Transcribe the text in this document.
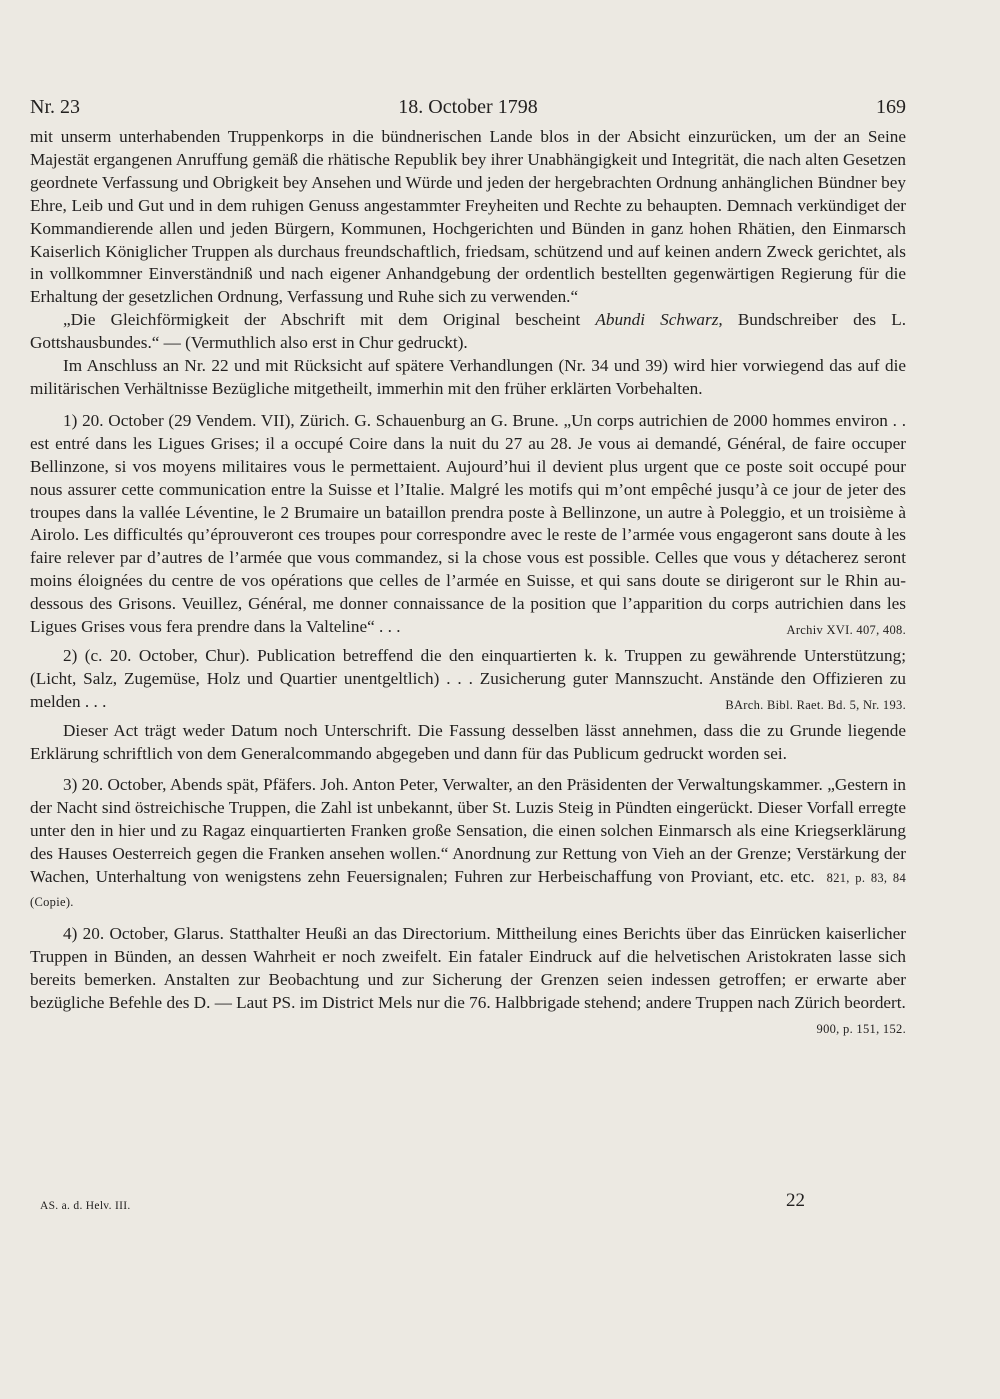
Nr. 23	18. October 1798	169

mit unserm unterhabenden Truppenkorps in die bündnerischen Lande blos in der Absicht einzurücken, um der an Seine Majestät ergangenen Anruffung gemäß die rhätische Republik bey ihrer Unabhängigkeit und Integrität, die nach alten Gesetzen geordnete Verfassung und Obrigkeit bey Ansehen und Würde und jeden der hergebrachten Ordnung anhänglichen Bündner bey Ehre, Leib und Gut und in dem ruhigen Genuss angestammter Freyheiten und Rechte zu behaupten. Demnach verkündiget der Kommandierende allen und jeden Bürgern, Kommunen, Hochgerichten und Bünden in ganz hohen Rhätien, den Einmarsch Kaiserlich Königlicher Truppen als durchaus freundschaftlich, friedsam, schützend und auf keinen andern Zweck gerichtet, als in vollkommner Einverständniß und nach eigener Anhandgebung der ordentlich bestellten gegenwärtigen Regierung für die Erhaltung der gesetzlichen Ordnung, Verfassung und Ruhe sich zu verwenden.“

„Die Gleichförmigkeit der Abschrift mit dem Original bescheint Abundi Schwarz, Bundschreiber des L. Gottshausbundes.“ — (Vermuthlich also erst in Chur gedruckt).

Im Anschluss an Nr. 22 und mit Rücksicht auf spätere Verhandlungen (Nr. 34 und 39) wird hier vorwiegend das auf die militärischen Verhältnisse Bezügliche mitgetheilt, immerhin mit den früher erklärten Vorbehalten.

1) 20. October (29 Vendem. VII), Zürich. G. Schauenburg an G. Brune. „Un corps autrichien de 2000 hommes environ . . est entré dans les Ligues Grises; il a occupé Coire dans la nuit du 27 au 28. Je vous ai demandé, Général, de faire occuper Bellinzone, si vos moyens militaires vous le permettaient. Aujourd’hui il devient plus urgent que ce poste soit occupé pour nous assurer cette communication entre la Suisse et l’Italie. Malgré les motifs qui m’ont empêché jusqu’à ce jour de jeter des troupes dans la vallée Léventine, le 2 Brumaire un bataillon prendra poste à Bellinzone, un autre à Poleggio, et un troisième à Airolo. Les difficultés qu’éprouveront ces troupes pour correspondre avec le reste de l’armée vous engageront sans doute à les faire relever par d’autres de l’armée que vous commandez, si la chose vous est possible. Celles que vous y détacherez seront moins éloignées du centre de vos opérations que celles de l’armée en Suisse, et qui sans doute se dirigeront sur le Rhin au-dessous des Grisons. Veuillez, Général, me donner connaissance de la position que l’apparition du corps autrichien dans les Ligues Grises vous fera prendre dans la Valteline“ . . .	Archiv XVI. 407, 408.

2) (c. 20. October, Chur). Publication betreffend die den einquartierten k. k. Truppen zu gewährende Unterstützung; (Licht, Salz, Zugemüse, Holz und Quartier unentgeltlich) . . . Zusicherung guter Mannszucht. Anstände den Offizieren zu melden . . .	BArch. Bibl. Raet. Bd. 5, Nr. 193.

Dieser Act trägt weder Datum noch Unterschrift. Die Fassung desselben lässt annehmen, dass die zu Grunde liegende Erklärung schriftlich von dem Generalcommando abgegeben und dann für das Publicum gedruckt worden sei.

3) 20. October, Abends spät, Pfäfers. Joh. Anton Peter, Verwalter, an den Präsidenten der Verwaltungskammer. „Gestern in der Nacht sind östreichische Truppen, die Zahl ist unbekannt, über St. Luzis Steig in Pündten eingerückt. Dieser Vorfall erregte unter den in hier und zu Ragaz einquartierten Franken große Sensation, die einen solchen Einmarsch als eine Kriegserklärung des Hauses Oesterreich gegen die Franken ansehen wollen.“ Anordnung zur Rettung von Vieh an der Grenze; Verstärkung der Wachen, Unterhaltung von wenigstens zehn Feuersignalen; Fuhren zur Herbeischaffung von Proviant, etc. etc. 821, p. 83, 84 (Copie).

4) 20. October, Glarus. Statthalter Heußi an das Directorium. Mittheilung eines Berichts über das Einrücken kaiserlicher Truppen in Bünden, an dessen Wahrheit er noch zweifelt. Ein fataler Eindruck auf die helvetischen Aristokraten lasse sich bereits bemerken. Anstalten zur Beobachtung und zur Sicherung der Grenzen seien indessen getroffen; er erwarte aber bezügliche Befehle des D. — Laut PS. im District Mels nur die 76. Halbbrigade stehend; andere Truppen nach Zürich beordert.
900, p. 151, 152.

AS. a. d. Helv. III.	22
